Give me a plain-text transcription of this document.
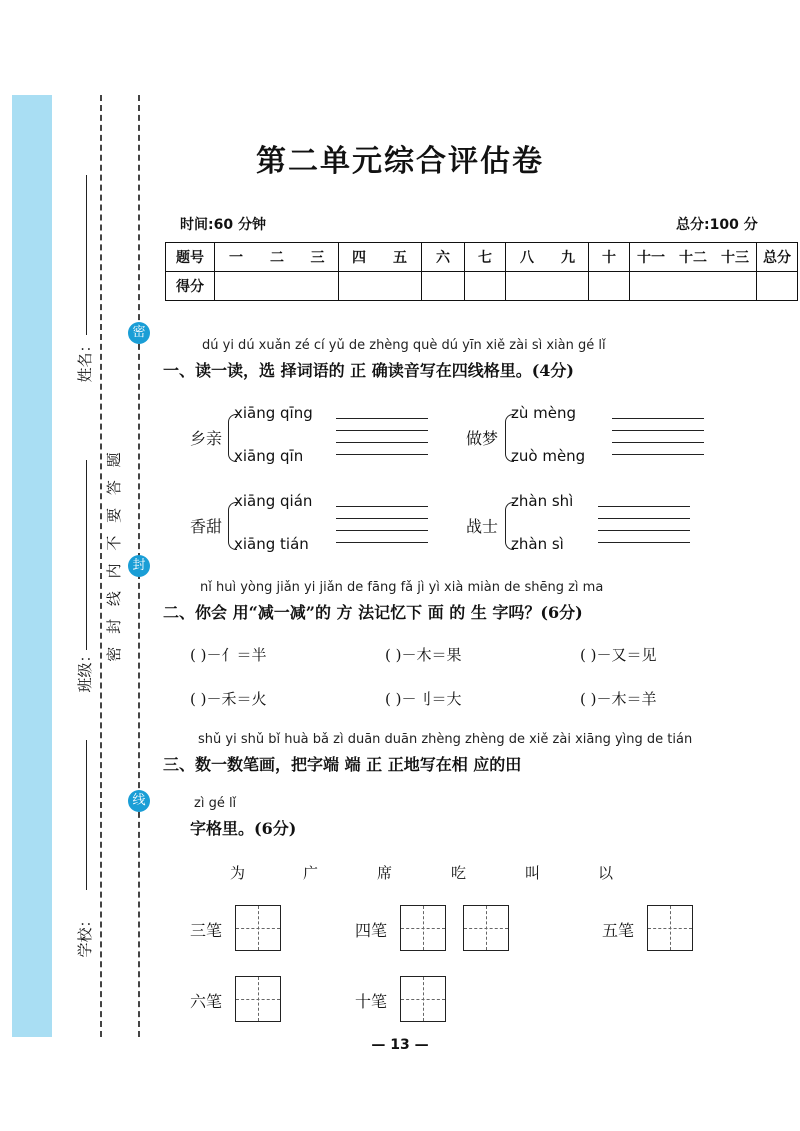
姓名：
班级：
学校：
密 封 线 内 不 要 答 题
密
封
线
第二单元综合评估卷
时间:60 分钟	总分:100 分
题号	一	二	三	四	五	六	七	八	九	十	十一	十二	十三	总分
得分														
dú yi dú xuǎn zé cí yǔ de zhèng què dú yīn xiě zài sì xiàn gé lǐ
一、读一读，选 择词语的 正 确读音写在四线格里。(4分)
乡亲
xiāng qīng
xiāng qīn
做梦
zù mèng
zuò mèng
香甜
xiāng qián
xiāng tián
战士
zhàn shì
zhàn sì
nǐ huì yòng jiǎn yi jiǎn de fāng fǎ jì yì xià miàn de shēng zì ma
二、你会 用“减一减”的 方 法记忆下 面 的 生 字吗？(6分)
( )－亻＝半	( )－木＝果	( )－又＝见
( )－禾＝火	( )－刂＝大	( )－木＝羊
shǔ yi shǔ bǐ huà bǎ zì duān duān zhèng zhèng de xiě zài xiāng yìng de tián
三、数一数笔画，把字端 端 正 正地写在相 应的田
zì gé lǐ
字格里。(6分)
为	广	席	吃	叫	以
三笔	四笔	五笔
六笔	十笔
— 13 —
